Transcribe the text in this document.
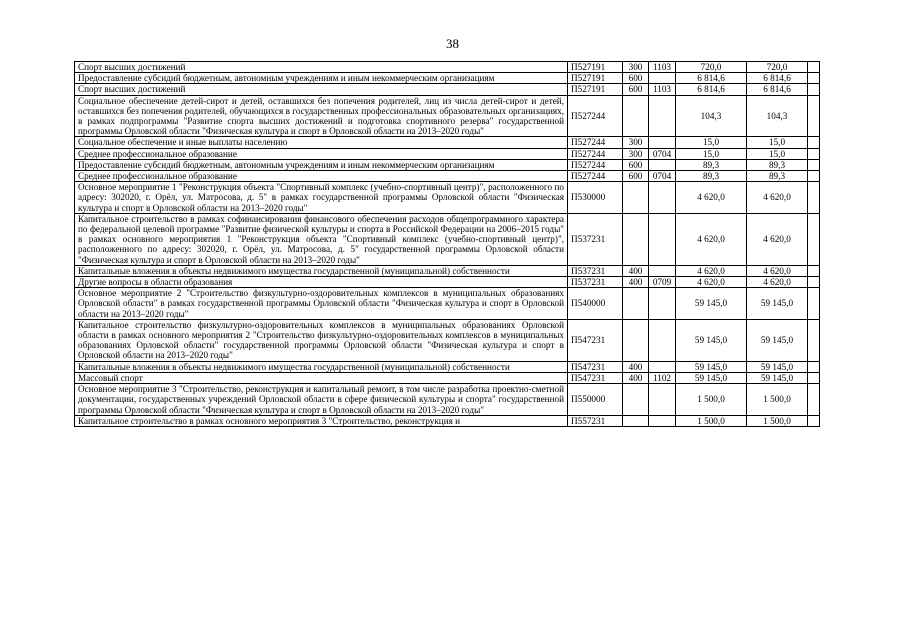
38
Спорт высших достижений	П527191	300	1103	720,0	720,0	
Предоставление субсидий бюджетным, автономным учреждениям и иным некоммерческим организациям	П527191	600		6 814,6	6 814,6	
Спорт высших достижений	П527191	600	1103	6 814,6	6 814,6	
Социальное обеспечение детей-сирот и детей, оставшихся без попечения родителей, лиц из числа детей-сирот и детей, оставшихся без попечения родителей, обучающихся в государственных профессиональных образовательных организациях, в рамках подпрограммы "Развитие спорта высших достижений и подготовка спортивного резерва" государственной программы Орловской области "Физическая культура и спорт в Орловской области на 2013–2020 годы"	П527244			104,3	104,3	
Социальное обеспечение и иные выплаты населению	П527244	300		15,0	15,0	
Среднее профессиональное образование	П527244	300	0704	15,0	15,0	
Предоставление субсидий бюджетным, автономным учреждениям и иным некоммерческим организациям	П527244	600		89,3	89,3	
Среднее профессиональное образование	П527244	600	0704	89,3	89,3	
Основное мероприятие 1 "Реконструкция объекта "Спортивный комплекс (учебно-спортивный центр)", расположенного по адресу: 302020, г. Орёл, ул. Матросова, д. 5" в рамках государственной программы Орловской области "Физическая культура и спорт в Орловской области на 2013–2020 годы"	П530000			4 620,0	4 620,0	
Капитальное строительство в рамках софинансирования финансового обеспечения расходов общепрограммного характера по федеральной целевой программе "Развитие физической культуры и спорта в Российской Федерации на 2006–2015 годы" в рамках основного мероприятия 1 "Реконструкция объекта "Спортивный комплекс (учебно-спортивный центр)", расположенного по адресу: 302020, г. Орёл, ул. Матросова, д. 5" государственной программы Орловской области "Физическая культура и спорт в Орловской области на 2013–2020 годы"	П537231			4 620,0	4 620,0	
Капитальные вложения в объекты недвижимого имущества государственной (муниципальной) собственности	П537231	400		4 620,0	4 620,0	
Другие вопросы в области образования	П537231	400	0709	4 620,0	4 620,0	
Основное мероприятие 2 "Строительство физкультурно-оздоровительных комплексов в муниципальных образованиях Орловской области" в рамках государственной программы Орловской области "Физическая культура и спорт в Орловской области на 2013–2020 годы"	П540000			59 145,0	59 145,0	
Капитальное строительство физкультурно-оздоровительных комплексов в муниципальных образованиях Орловской области в рамках основного мероприятия 2 "Строительство физкультурно-оздоровительных комплексов в муниципальных образованиях Орловской области" государственной программы Орловской области "Физическая культура и спорт в Орловской области на 2013–2020 годы"	П547231			59 145,0	59 145,0	
Капитальные вложения в объекты недвижимого имущества государственной (муниципальной) собственности	П547231	400		59 145,0	59 145,0	
Массовый спорт	П547231	400	1102	59 145,0	59 145,0	
Основное мероприятие 3 "Строительство, реконструкция и капитальный ремонт, в том числе разработка проектно-сметной документации, государственных учреждений Орловской области в сфере физической культуры и спорта" государственной программы Орловской области "Физическая культура и спорт в Орловской области на 2013–2020 годы"	П550000			1 500,0	1 500,0	
Капитальное строительство в рамках основного мероприятия 3 "Строительство, реконструкция и	П557231			1 500,0	1 500,0	
